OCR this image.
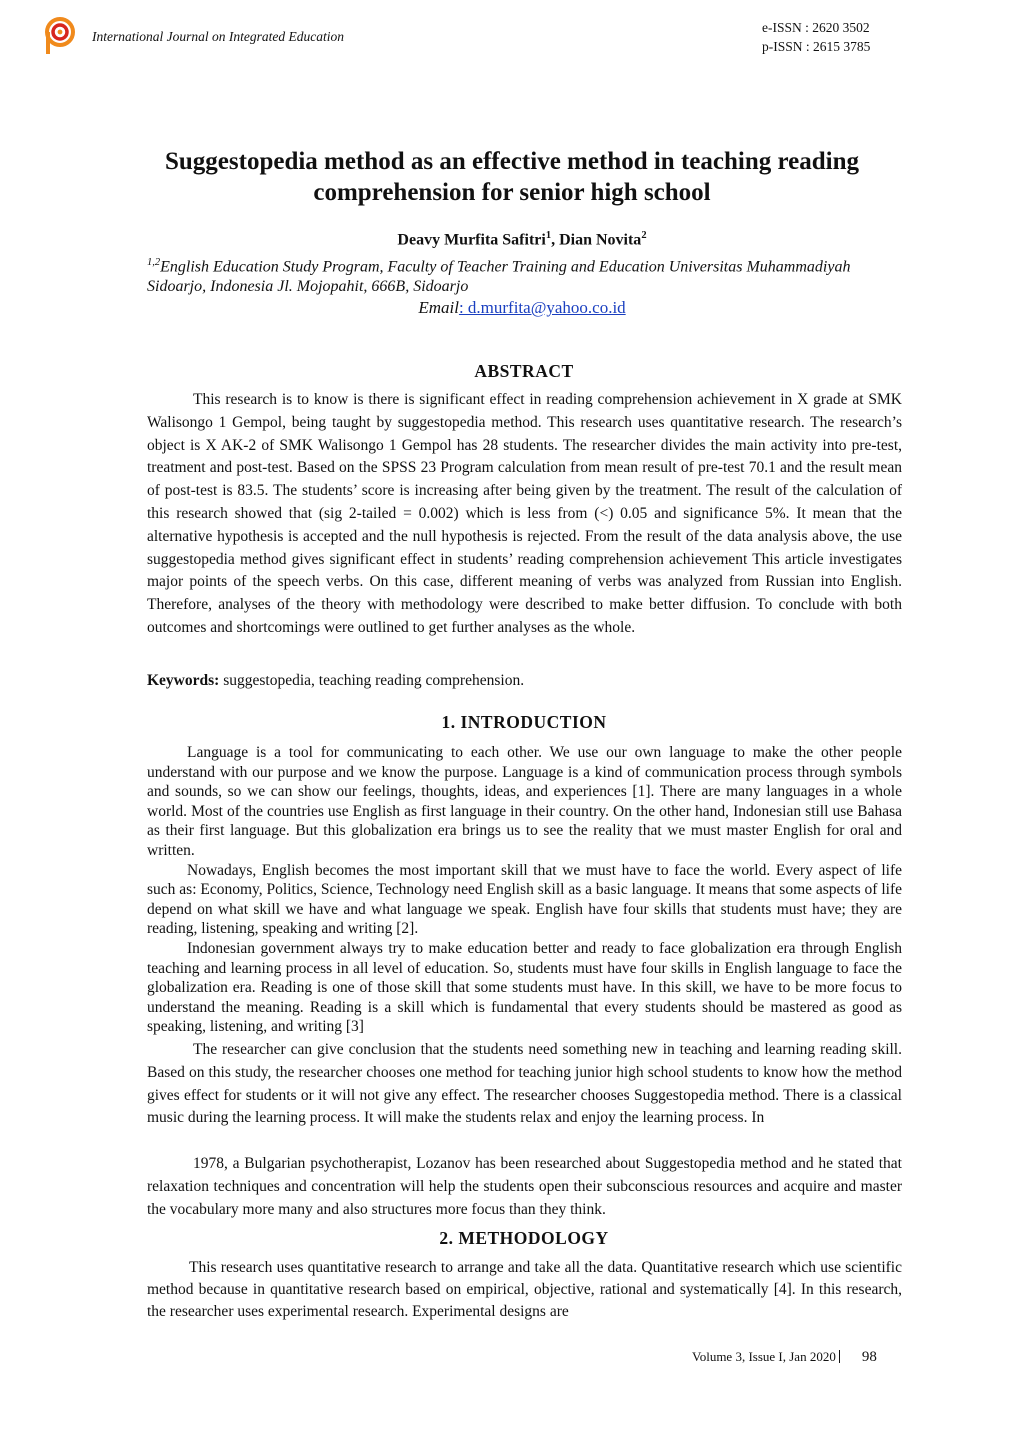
International Journal on Integrated Education
e-ISSN : 2620 3502
p-ISSN : 2615 3785
Suggestopedia method as an effective method in teaching reading comprehension for senior high school
Deavy Murfita Safitri$^1$, Dian Novita$^2$
$^{1,2}$English Education Study Program, Faculty of Teacher Training and Education Universitas Muhammadiyah Sidoarjo, Indonesia Jl. Mojopahit, 666B, Sidoarjo
Email: d.murfita@yahoo.co.id
ABSTRACT

This research is to know is there is significant effect in reading comprehension achievement in X grade at SMK Walisongo 1 Gempol, being taught by suggestopedia method. This research uses quantitative research. The research’s object is X AK-2 of SMK Walisongo 1 Gempol has 28 students. The researcher divides the main activity into pre-test, treatment and post-test. Based on the SPSS 23 Program calculation from mean result of pre-test 70.1 and the result mean of post-test is 83.5. The students’ score is increasing after being given by the treatment. The result of the calculation of this research showed that (sig 2-tailed = 0.002) which is less from (<) 0.05 and significance 5%. It mean that the alternative hypothesis is accepted and the null hypothesis is rejected. From the result of the data analysis above, the use suggestopedia method gives significant effect in students’ reading comprehension achievement This article investigates major points of the speech verbs. On this case, different meaning of verbs was analyzed from Russian into English. Therefore, analyses of the theory with methodology were described to make better diffusion. To conclude with both outcomes and shortcomings were outlined to get further analyses as the whole.

Keywords: suggestopedia, teaching reading comprehension.
1. INTRODUCTION

Language is a tool for communicating to each other. We use our own language to make the other people understand with our purpose and we know the purpose. Language is a kind of communication process through symbols and sounds, so we can show our feelings, thoughts, ideas, and experiences [1]. There are many languages in a whole world. Most of the countries use English as first language in their country. On the other hand, Indonesian still use Bahasa as their first language. But this globalization era brings us to see the reality that we must master English for oral and written.

Nowadays, English becomes the most important skill that we must have to face the world. Every aspect of life such as: Economy, Politics, Science, Technology need English skill as a basic language. It means that some aspects of life depend on what skill we have and what language we speak. English have four skills that students must have; they are reading, listening, speaking and writing [2].

Indonesian government always try to make education better and ready to face globalization era through English teaching and learning process in all level of education. So, students must have four skills in English language to face the globalization era. Reading is one of those skill that some students must have. In this skill, we have to be more focus to understand the meaning. Reading is a skill which is fundamental that every students should be mastered as good as speaking, listening, and writing [3]

The researcher can give conclusion that the students need something new in teaching and learning reading skill. Based on this study, the researcher chooses one method for teaching junior high school students to know how the method gives effect for students or it will not give any effect. The researcher chooses Suggestopedia method. There is a classical music during the learning process. It will make the students relax and enjoy the learning process. In

1978, a Bulgarian psychotherapist, Lozanov has been researched about Suggestopedia method and he stated that relaxation techniques and concentration will help the students open their subconscious resources and acquire and master the vocabulary more many and also structures more focus than they think.

2. METHODOLOGY

This research uses quantitative research to arrange and take all the data. Quantitative research which use scientific method because in quantitative research based on empirical, objective, rational and systematically [4]. In this research, the researcher uses experimental research. Experimental designs are

Volume 3, Issue I, Jan 2020 98
